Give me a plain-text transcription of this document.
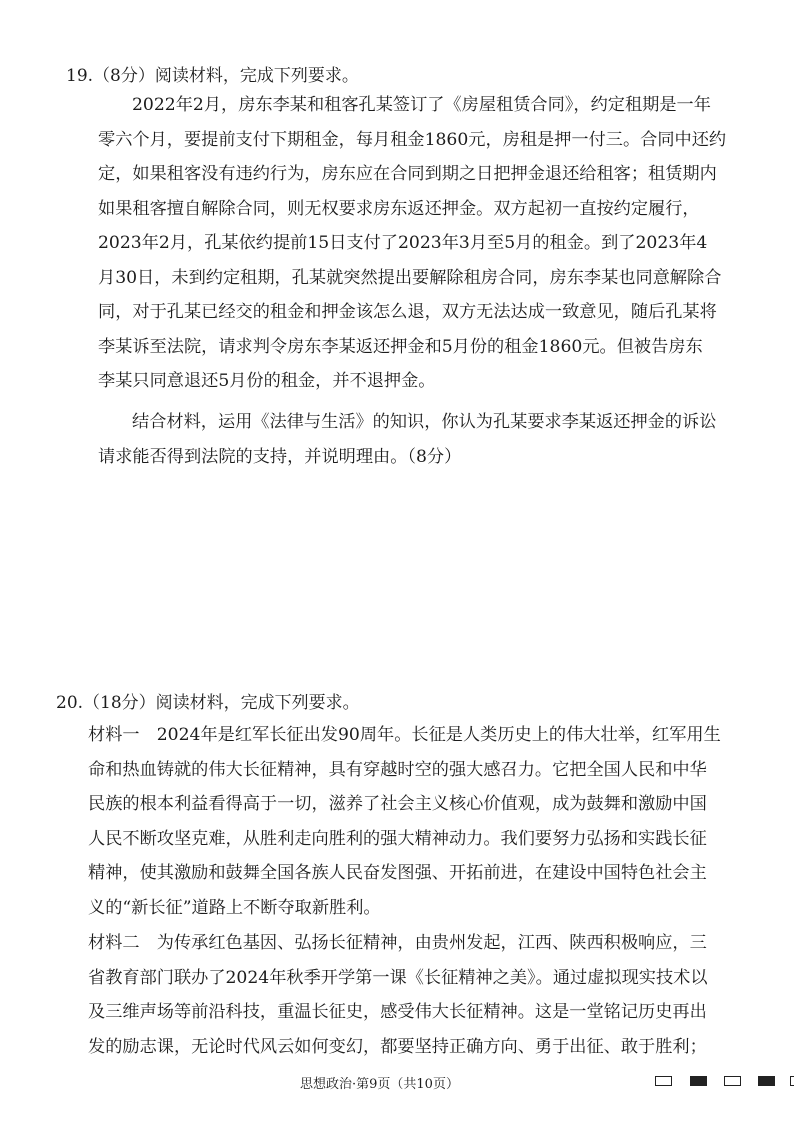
19.（8分）阅读材料，完成下列要求。
2022年2月，房东李某和租客孔某签订了《房屋租赁合同》，约定租期是一年
零六个月，要提前支付下期租金，每月租金1860元，房租是押一付三。合同中还约
定，如果租客没有违约行为，房东应在合同到期之日把押金退还给租客；租赁期内
如果租客擅自解除合同，则无权要求房东返还押金。双方起初一直按约定履行，
2023年2月，孔某依约提前15日支付了2023年3月至5月的租金。到了2023年4
月30日，未到约定租期，孔某就突然提出要解除租房合同，房东李某也同意解除合
同，对于孔某已经交的租金和押金该怎么退，双方无法达成一致意见，随后孔某将
李某诉至法院，请求判令房东李某返还押金和5月份的租金1860元。但被告房东
李某只同意退还5月份的租金，并不退押金。
结合材料，运用《法律与生活》的知识，你认为孔某要求李某返还押金的诉讼
请求能否得到法院的支持，并说明理由。（8分）
20.（18分）阅读材料，完成下列要求。
材料一　2024年是红军长征出发90周年。长征是人类历史上的伟大壮举，红军用生
命和热血铸就的伟大长征精神，具有穿越时空的强大感召力。它把全国人民和中华
民族的根本利益看得高于一切，滋养了社会主义核心价值观，成为鼓舞和激励中国
人民不断攻坚克难，从胜利走向胜利的强大精神动力。我们要努力弘扬和实践长征
精神，使其激励和鼓舞全国各族人民奋发图强、开拓前进，在建设中国特色社会主
义的“新长征”道路上不断夺取新胜利。
材料二　为传承红色基因、弘扬长征精神，由贵州发起，江西、陕西积极响应，三
省教育部门联办了2024年秋季开学第一课《长征精神之美》。通过虚拟现实技术以
及三维声场等前沿科技，重温长征史，感受伟大长征精神。这是一堂铭记历史再出
发的励志课，无论时代风云如何变幻，都要坚持正确方向、勇于出征、敢于胜利；
思想政治·第9页（共10页）
